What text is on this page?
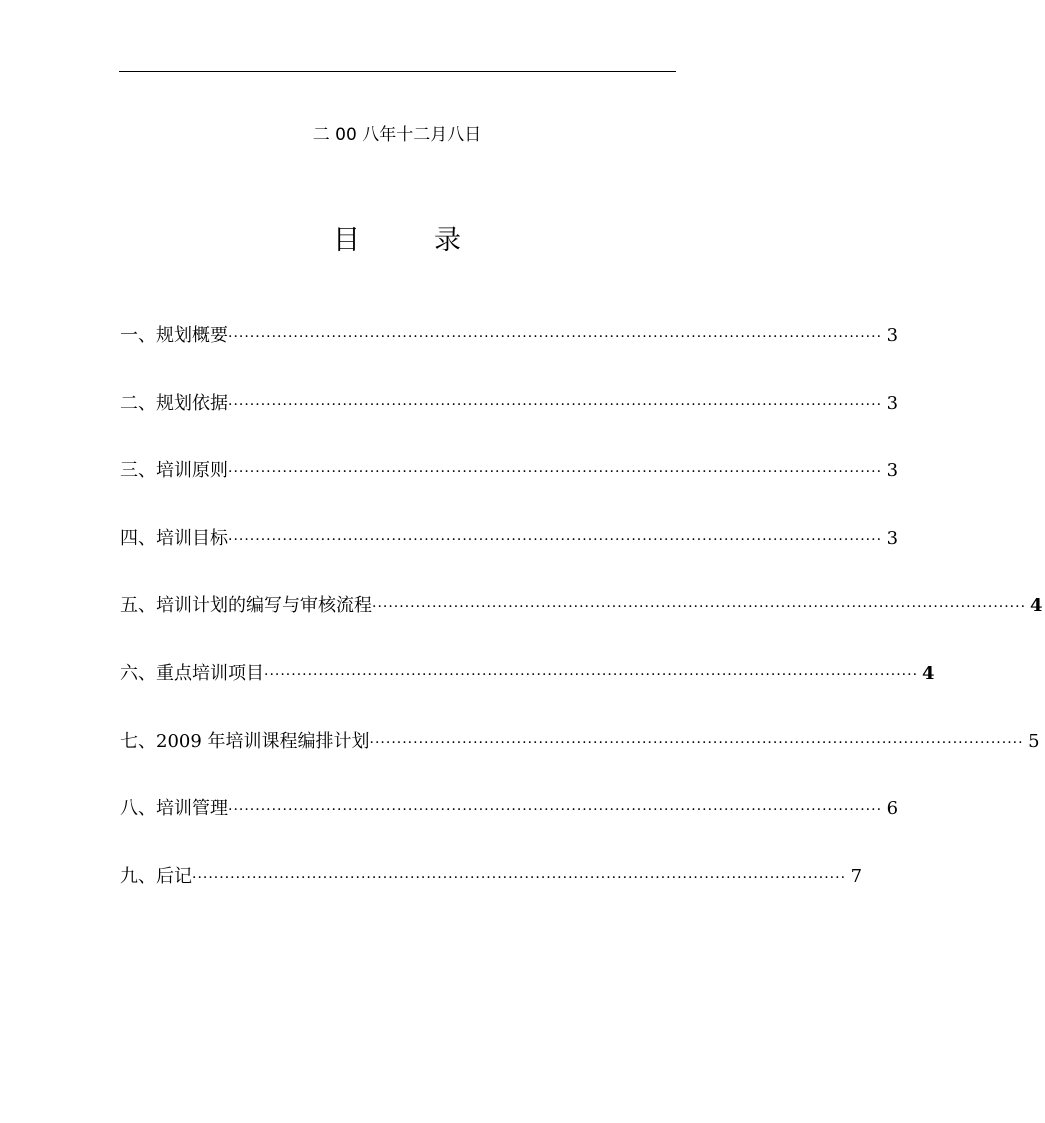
二 00 八年十二月八日
目	录
一、规划概要 ························································································································ 3
二、规划依据 ························································································································ 3
三、培训原则 ························································································································ 3
四、培训目标 ························································································································ 3
五、培训计划的编写与审核流程 ························································································································ 4
六、重点培训项目 ························································································································ 4
七、2009 年培训课程编排计划 ························································································································ 5
八、培训管理 ························································································································ 6
九、后记 ························································································································ 7
